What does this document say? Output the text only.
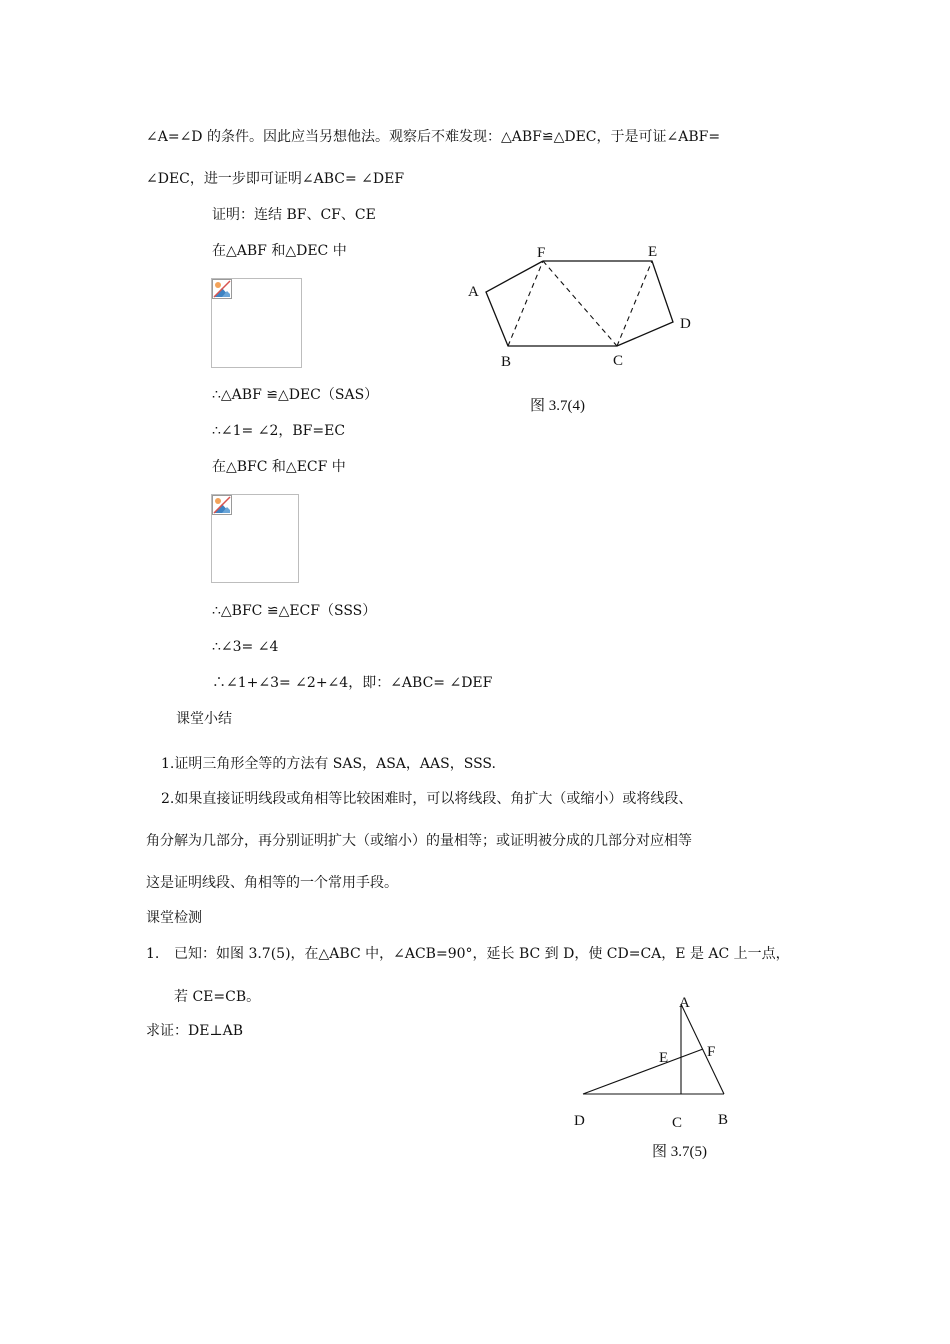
∠A=∠D 的条件。因此应当另想他法。观察后不难发现：△ABF≌△DEC，于是可证∠ABF=
∠DEC，进一步即可证明∠ABC= ∠DEF
证明：连结 BF、CF、CE
在△ABF 和△DEC 中
∴△ABF ≌△DEC（SAS）
∴∠1= ∠2，BF=EC
在△BFC 和△ECF 中
∴△BFC ≌△ECF（SSS）
∴∠3= ∠4
∴∠1+∠3= ∠2+∠4，即：∠ABC= ∠DEF
A
B	C
D
E
F
图 3.7(4)
课堂小结
1.证明三角形全等的方法有 SAS，ASA，AAS，SSS.
2.如果直接证明线段或角相等比较困难时，可以将线段、角扩大（或缩小）或将线段、
角分解为几部分，再分别证明扩大（或缩小）的量相等；或证明被分成的几部分对应相等
这是证明线段、角相等的一个常用手段。
课堂检测
1. 已知：如图 3.7(5)，在△ABC 中，∠ACB=90°，延长 BC 到 D，使 CD=CA，E 是 AC 上一点，
若 CE=CB。
求证：DE⊥AB
A
B
C
D
E	F
图 3.7(5)
